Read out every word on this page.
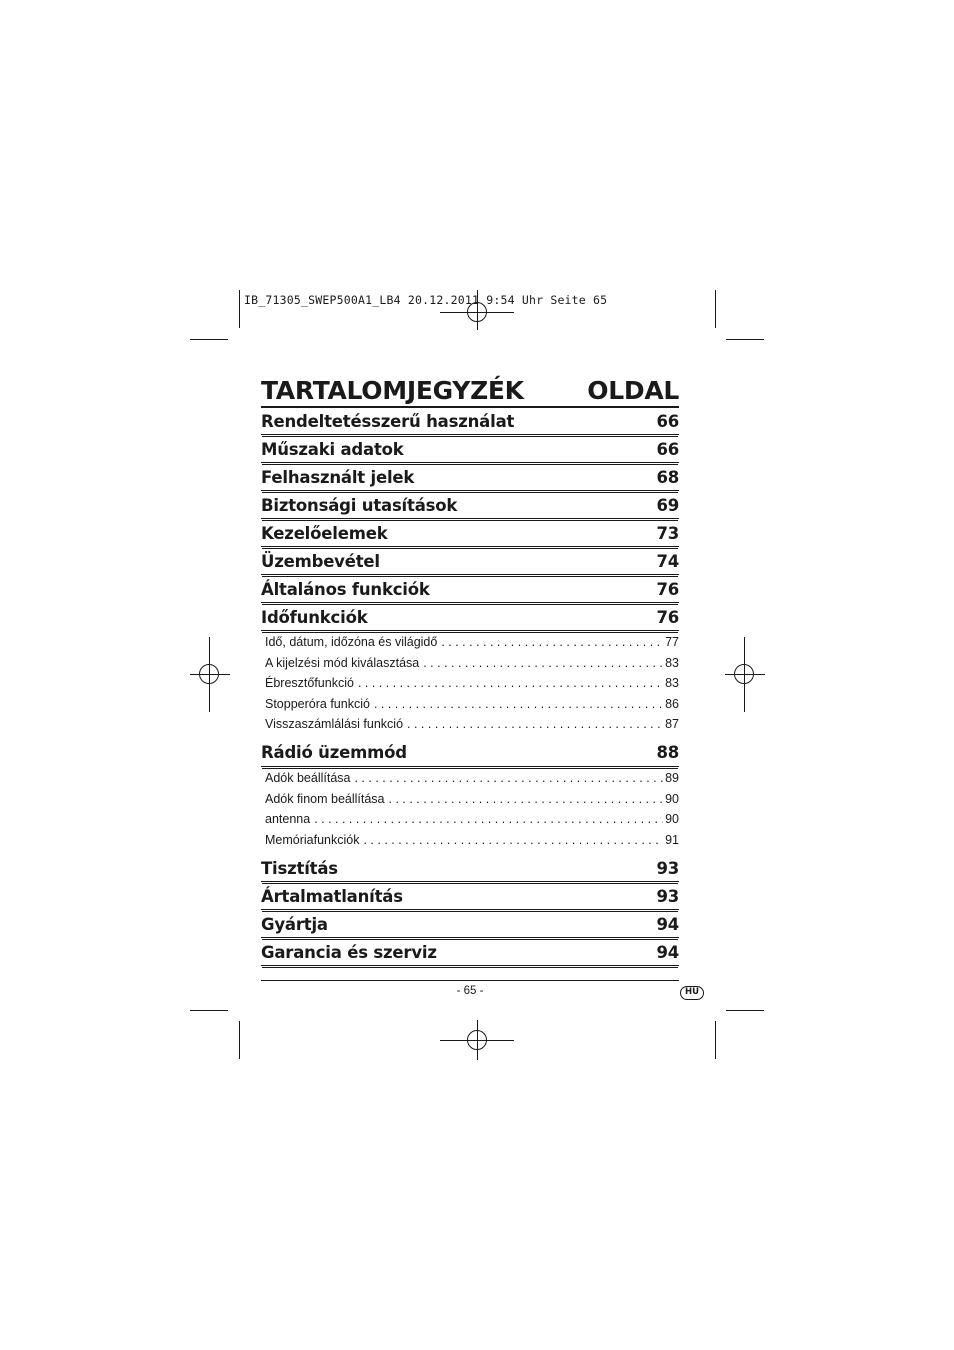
IB_71305_SWEP500A1_LB4 20.12.2011 9:54 Uhr Seite 65
TARTALOMJEGYZÉK	OLDAL
Rendeltetésszerű használat	66
Műszaki adatok	66
Felhasznált jelek	68
Biztonsági utasítások	69
Kezelőelemek	73
Üzembevétel	74
Általános funkciók	76
Időfunkciók	76
Idő, dátum, időzóna és világidő . . .	77
A kijelzési mód kiválasztása . . .	83
Ébresztőfunkció . . .	83
Stopperóra funkció . . .	86
Visszaszámlálási funkció . . .	87
Rádió üzemmód	88
Adók beállítása . . .	89
Adók finom beállítása . . .	90
antenna . . .	90
Memóriafunkciók . . .	91
Tisztítás	93
Ártalmatlanítás	93
Gyártja	94
Garancia és szerviz	94
- 65 -	HU
